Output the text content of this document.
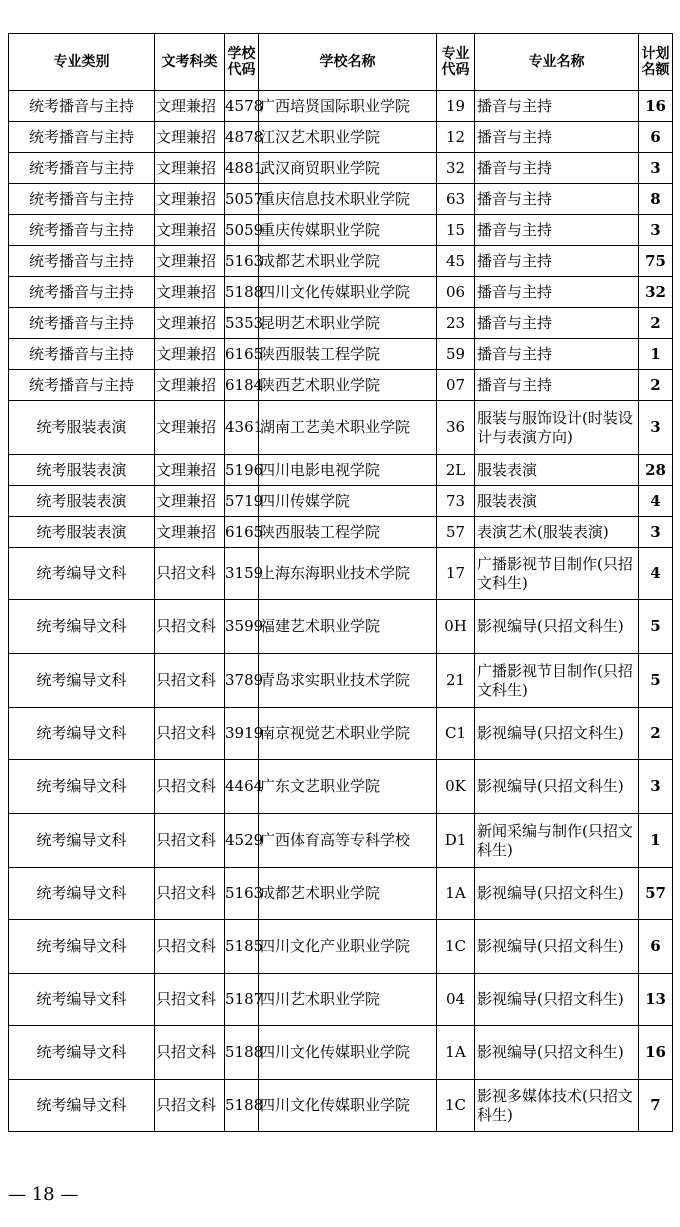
专业类别	文考科类	学校代码	学校名称	专业代码	专业名称	计划名额
统考播音与主持	文理兼招	4578	广西培贤国际职业学院	19	播音与主持	16
统考播音与主持	文理兼招	4878	江汉艺术职业学院	12	播音与主持	6
统考播音与主持	文理兼招	4881	武汉商贸职业学院	32	播音与主持	3
统考播音与主持	文理兼招	5057	重庆信息技术职业学院	63	播音与主持	8
统考播音与主持	文理兼招	5059	重庆传媒职业学院	15	播音与主持	3
统考播音与主持	文理兼招	5163	成都艺术职业学院	45	播音与主持	75
统考播音与主持	文理兼招	5188	四川文化传媒职业学院	06	播音与主持	32
统考播音与主持	文理兼招	5353	昆明艺术职业学院	23	播音与主持	2
统考播音与主持	文理兼招	6165	陕西服装工程学院	59	播音与主持	1
统考播音与主持	文理兼招	6184	陕西艺术职业学院	07	播音与主持	2
统考服装表演	文理兼招	4361	湖南工艺美术职业学院	36	服装与服饰设计(时装设计与表演方向)	3
统考服装表演	文理兼招	5196	四川电影电视学院	2L	服装表演	28
统考服装表演	文理兼招	5719	四川传媒学院	73	服装表演	4
统考服装表演	文理兼招	6165	陕西服装工程学院	57	表演艺术(服装表演)	3
统考编导文科	只招文科	3159	上海东海职业技术学院	17	广播影视节目制作(只招文科生)	4
统考编导文科	只招文科	3599	福建艺术职业学院	0H	影视编导(只招文科生)	5
统考编导文科	只招文科	3789	青岛求实职业技术学院	21	广播影视节目制作(只招文科生)	5
统考编导文科	只招文科	3919	南京视觉艺术职业学院	C1	影视编导(只招文科生)	2
统考编导文科	只招文科	4464	广东文艺职业学院	0K	影视编导(只招文科生)	3
统考编导文科	只招文科	4529	广西体育高等专科学校	D1	新闻采编与制作(只招文科生)	1
统考编导文科	只招文科	5163	成都艺术职业学院	1A	影视编导(只招文科生)	57
统考编导文科	只招文科	5185	四川文化产业职业学院	1C	影视编导(只招文科生)	6
统考编导文科	只招文科	5187	四川艺术职业学院	04	影视编导(只招文科生)	13
统考编导文科	只招文科	5188	四川文化传媒职业学院	1A	影视编导(只招文科生)	16
统考编导文科	只招文科	5188	四川文化传媒职业学院	1C	影视多媒体技术(只招文科生)	7
— 18 —
